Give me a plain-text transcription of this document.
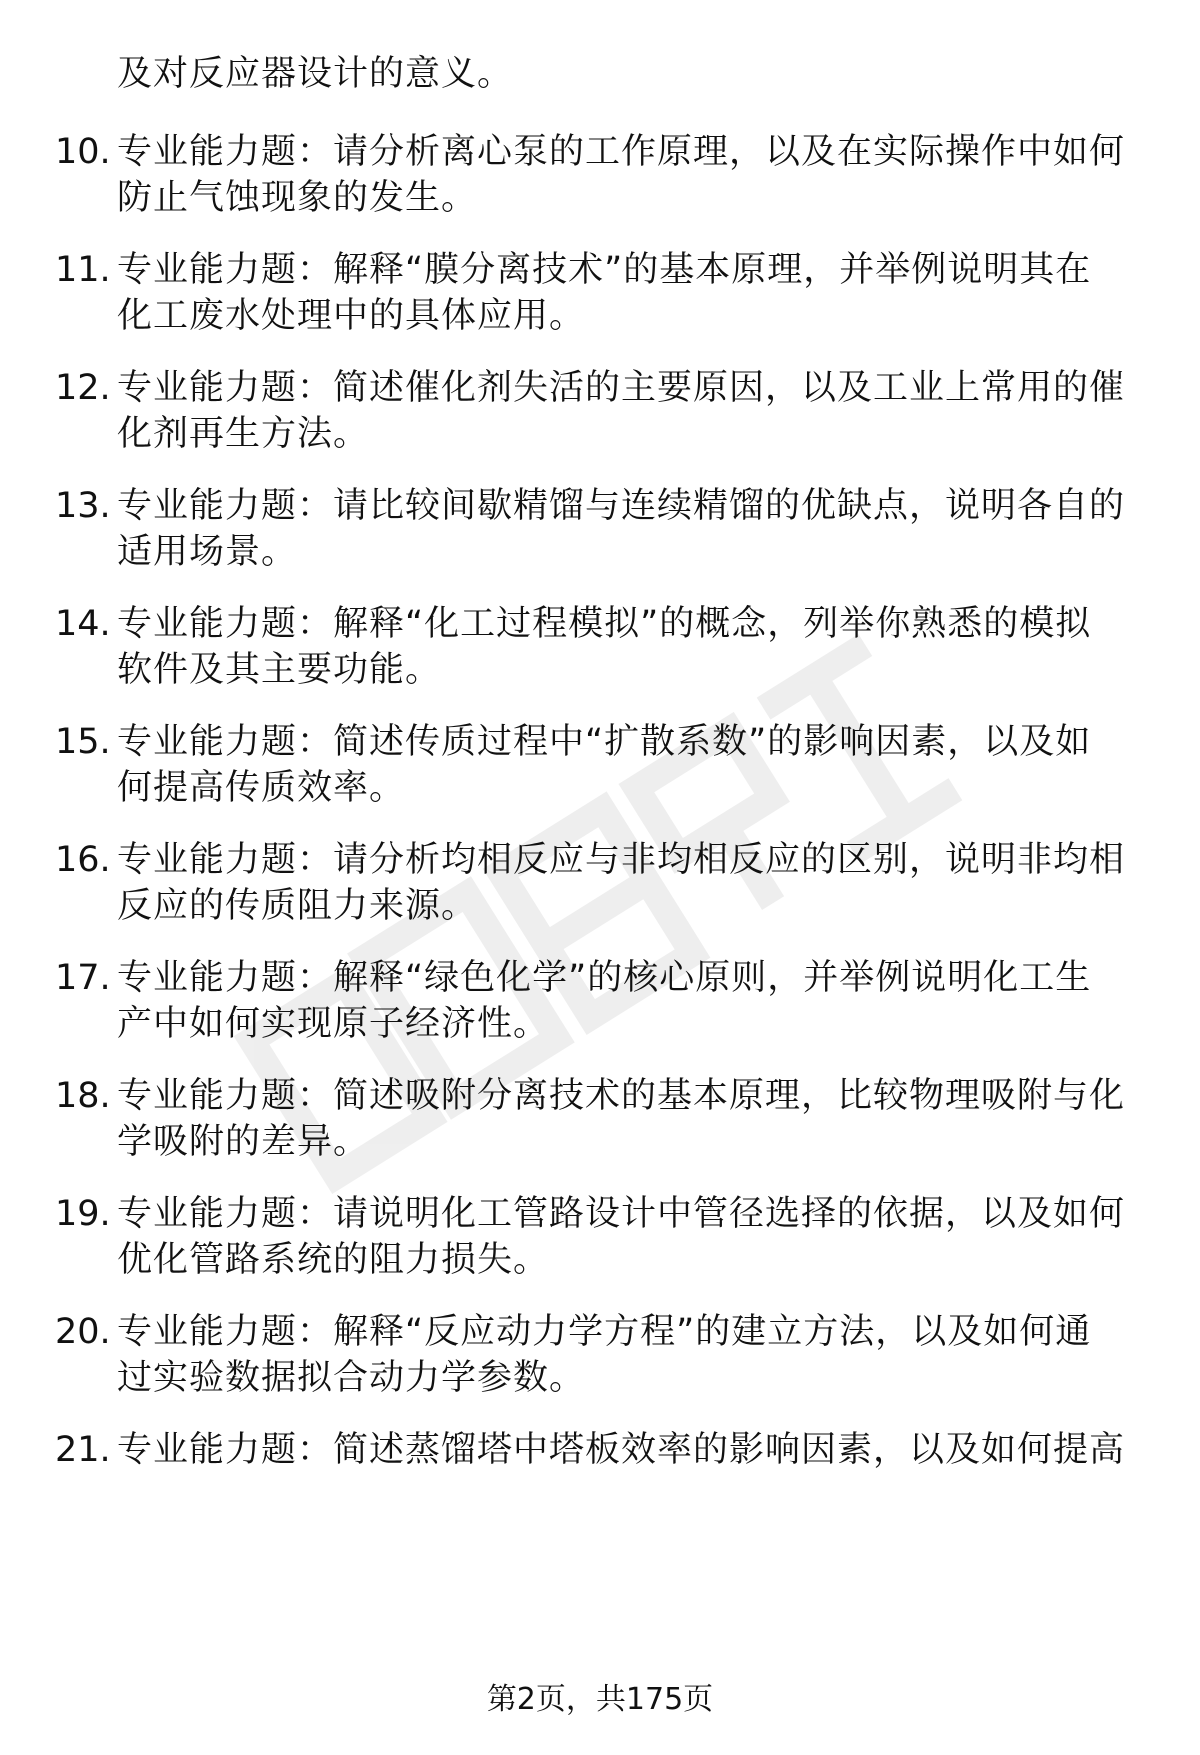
及对反应器设计的意义。
10. 专业能力题：请分析离心泵的工作原理，以及在实际操作中如何
防止气蚀现象的发生。
11. 专业能力题：解释“膜分离技术”的基本原理，并举例说明其在
化工废水处理中的具体应用。
12. 专业能力题：简述催化剂失活的主要原因，以及工业上常用的催
化剂再生方法。
13. 专业能力题：请比较间歇精馏与连续精馏的优缺点，说明各自的
适用场景。
14. 专业能力题：解释“化工过程模拟”的概念，列举你熟悉的模拟
软件及其主要功能。
15. 专业能力题：简述传质过程中“扩散系数”的影响因素，以及如
何提高传质效率。
16. 专业能力题：请分析均相反应与非均相反应的区别，说明非均相
反应的传质阻力来源。
17. 专业能力题：解释“绿色化学”的核心原则，并举例说明化工生
产中如何实现原子经济性。
18. 专业能力题：简述吸附分离技术的基本原理，比较物理吸附与化
学吸附的差异。
19. 专业能力题：请说明化工管路设计中管径选择的依据，以及如何
优化管路系统的阻力损失。
20. 专业能力题：解释“反应动力学方程”的建立方法，以及如何通
过实验数据拟合动力学参数。
21. 专业能力题：简述蒸馏塔中塔板效率的影响因素，以及如何提高
第2页，共175页
